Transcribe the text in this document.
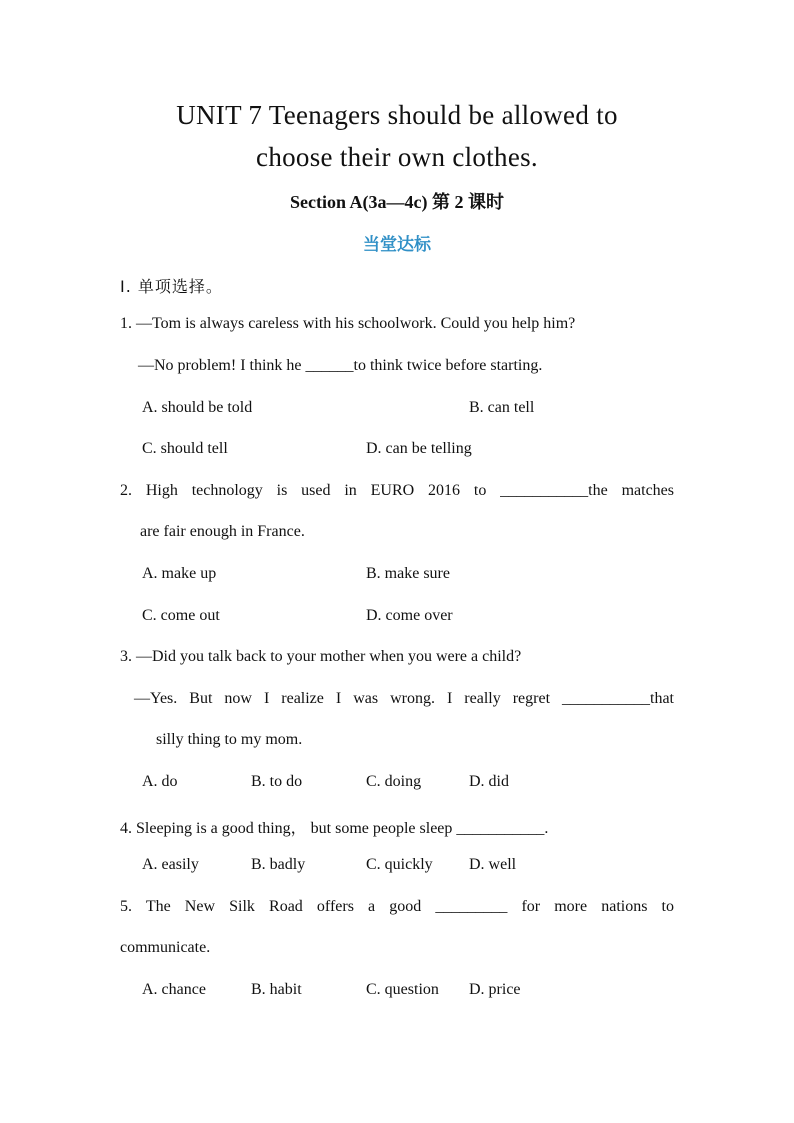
UNIT 7 Teenagers should be allowed to
choose their own clothes.
Section A(3a—4c) 第 2 课时
当堂达标
Ⅰ. 单项选择。
1. —Tom is always careless with his schoolwork. Could you help him?
—No problem! I think he ______to think twice before starting.
A. should be told	B. can tell
C. should tell	D. can be telling
2. High technology is used in EURO 2016 to ___________the matches
are fair enough in France.
A. make up	B. make sure
C. come out	D. come over
3. —Did you talk back to your mother when you were a child?
—Yes. But now I realize I was wrong. I really regret ___________that
silly thing to my mom.
A. do	B. to do	C. doing	D. did
4. Sleeping is a good thing， but some people sleep ___________.
A. easily	B. badly	C. quickly D. well
5. The New Silk Road offers a good _________ for more nations to
communicate.
A. chance	B. habit	C. question D. price
